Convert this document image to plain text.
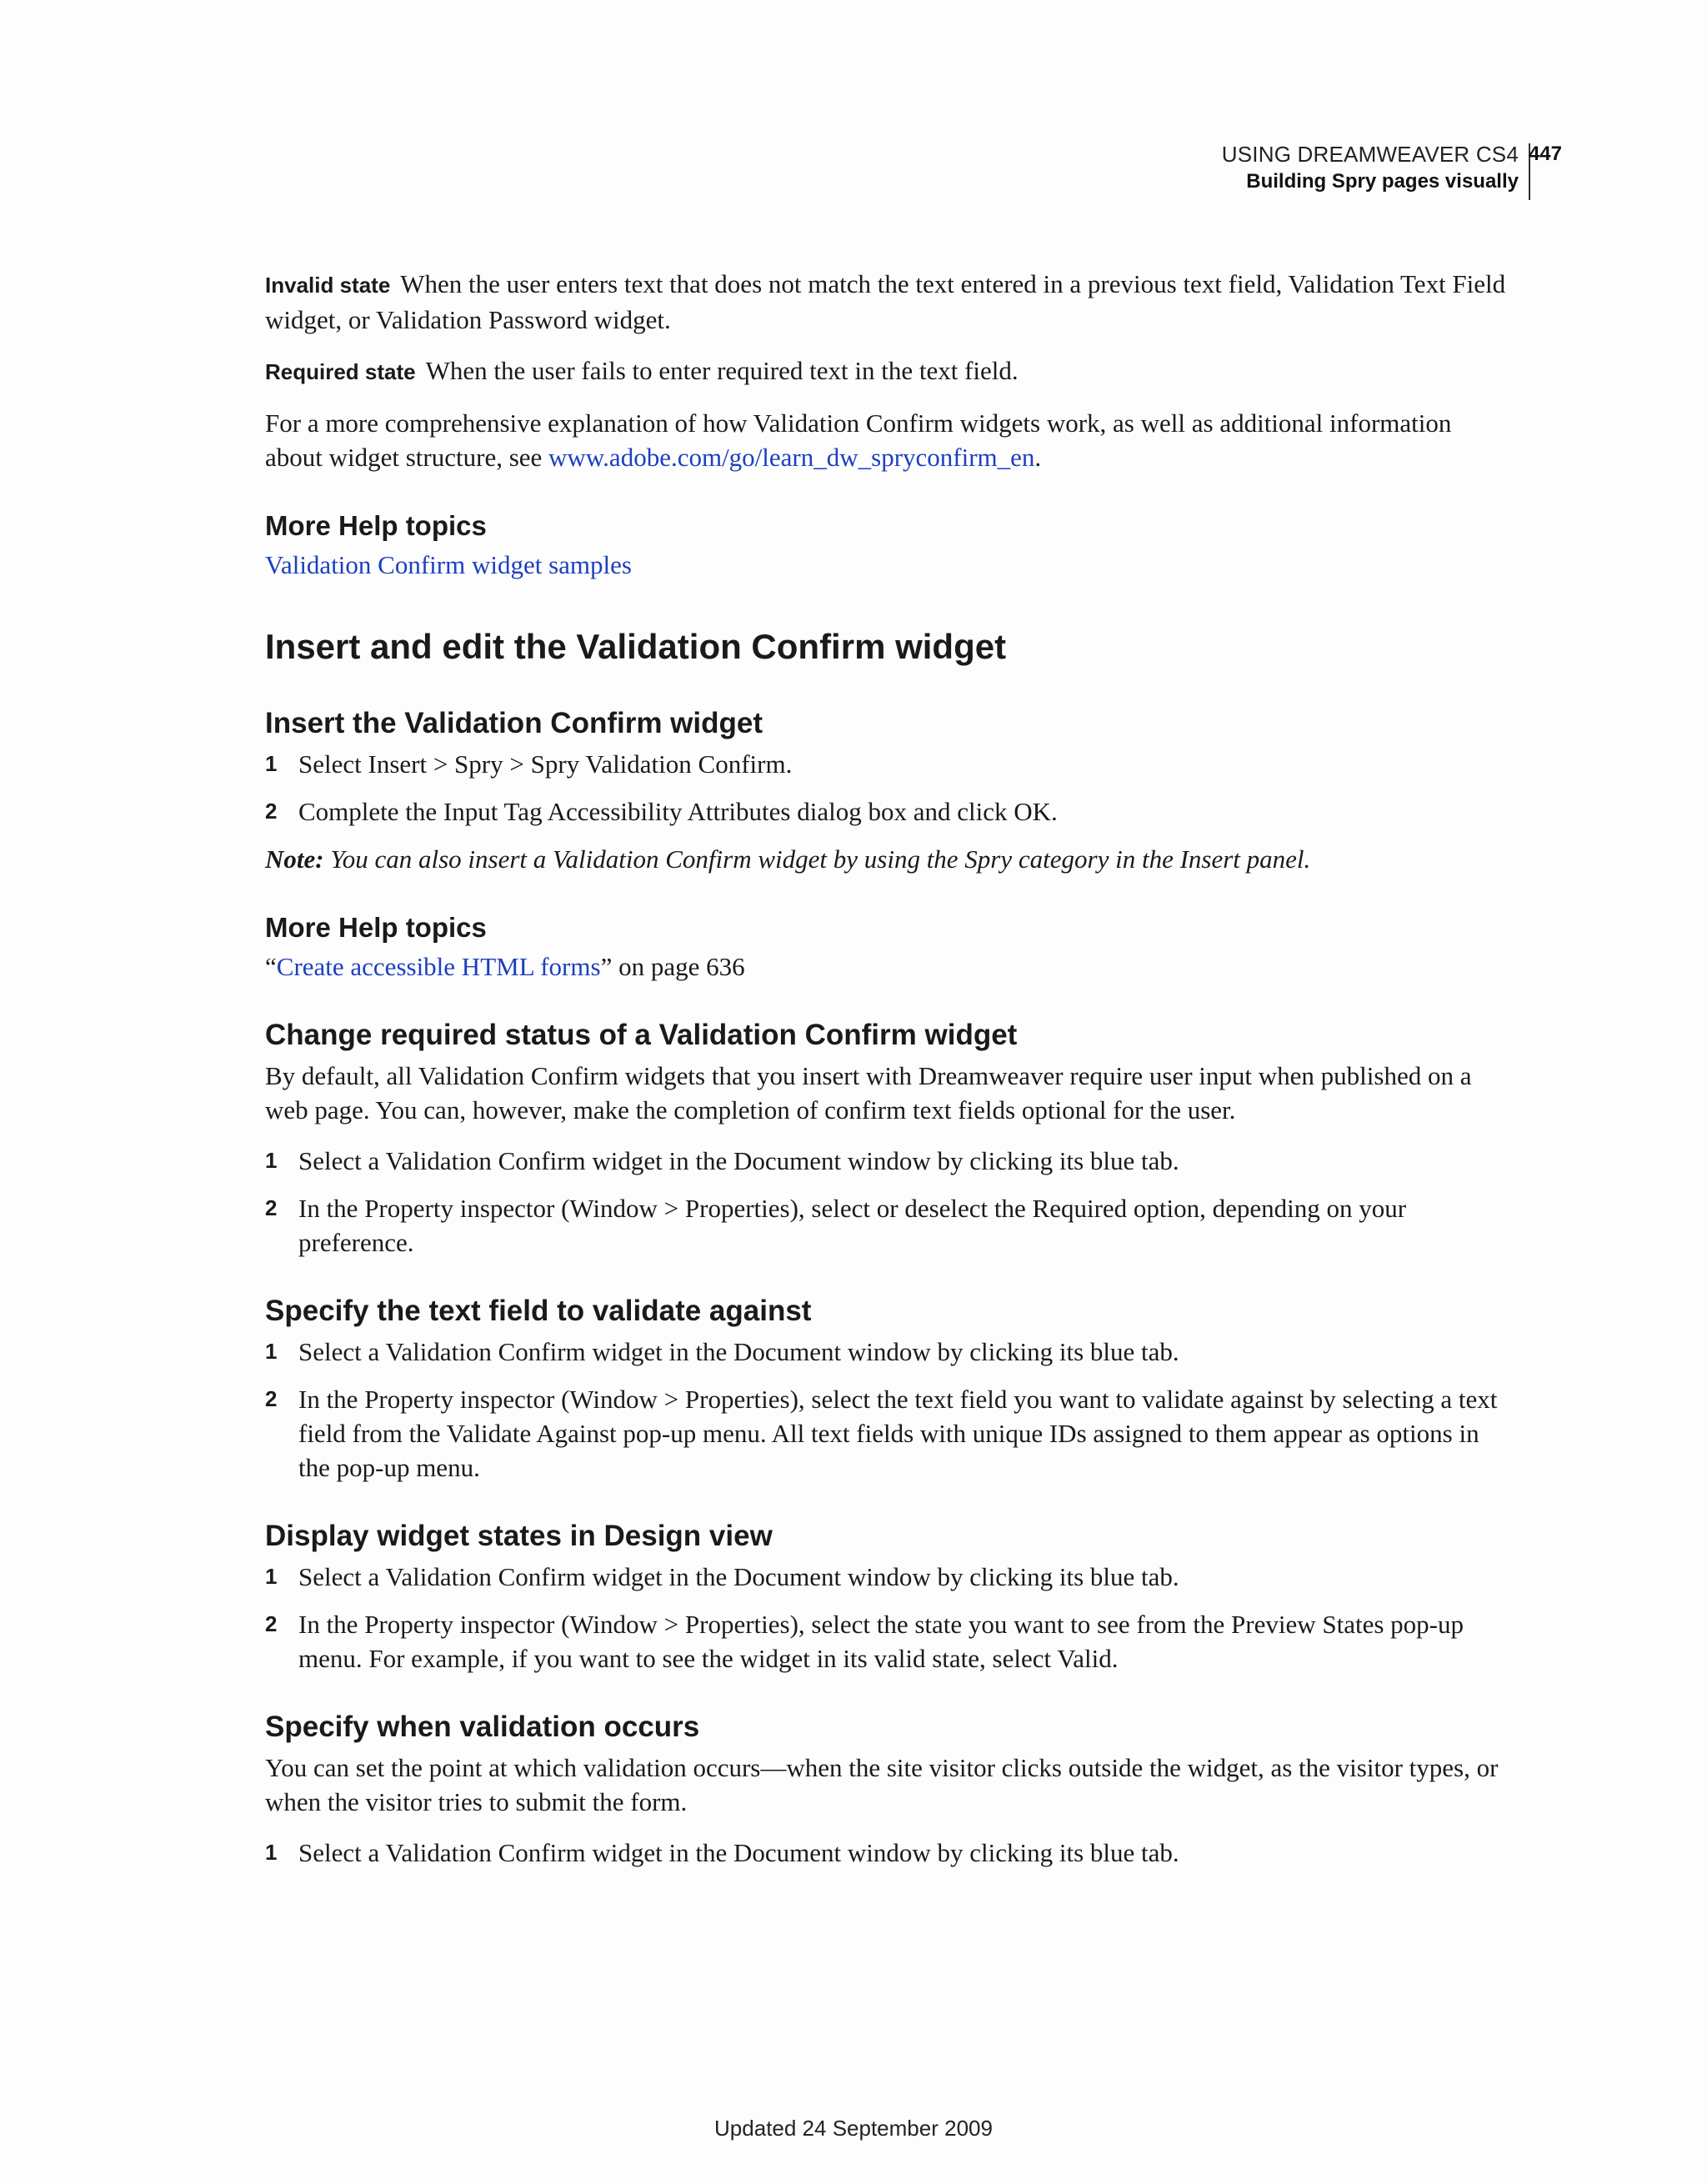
USING DREAMWEAVER CS4
Building Spry pages visually
447

Invalid state When the user enters text that does not match the text entered in a previous text field, Validation Text Field widget, or Validation Password widget.

Required state When the user fails to enter required text in the text field.

For a more comprehensive explanation of how Validation Confirm widgets work, as well as additional information about widget structure, see www.adobe.com/go/learn_dw_spryconfirm_en.

More Help topics
Validation Confirm widget samples
Insert and edit the Validation Confirm widget
Insert the Validation Confirm widget
1 Select Insert > Spry > Spry Validation Confirm.
2 Complete the Input Tag Accessibility Attributes dialog box and click OK.

Note: You can also insert a Validation Confirm widget by using the Spry category in the Insert panel.

More Help topics
“Create accessible HTML forms” on page 636
Change required status of a Validation Confirm widget

By default, all Validation Confirm widgets that you insert with Dreamweaver require user input when published on a web page. You can, however, make the completion of confirm text fields optional for the user.

1 Select a Validation Confirm widget in the Document window by clicking its blue tab.
2 In the Property inspector (Window > Properties), select or deselect the Required option, depending on your preference.
Specify the text field to validate against
1 Select a Validation Confirm widget in the Document window by clicking its blue tab.
2 In the Property inspector (Window > Properties), select the text field you want to validate against by selecting a text field from the Validate Against pop-up menu. All text fields with unique IDs assigned to them appear as options in the pop-up menu.
Display widget states in Design view
1 Select a Validation Confirm widget in the Document window by clicking its blue tab.
2 In the Property inspector (Window > Properties), select the state you want to see from the Preview States pop-up menu. For example, if you want to see the widget in its valid state, select Valid.
Specify when validation occurs

You can set the point at which validation occurs—when the site visitor clicks outside the widget, as the visitor types, or when the visitor tries to submit the form.

1 Select a Validation Confirm widget in the Document window by clicking its blue tab.
Updated 24 September 2009
